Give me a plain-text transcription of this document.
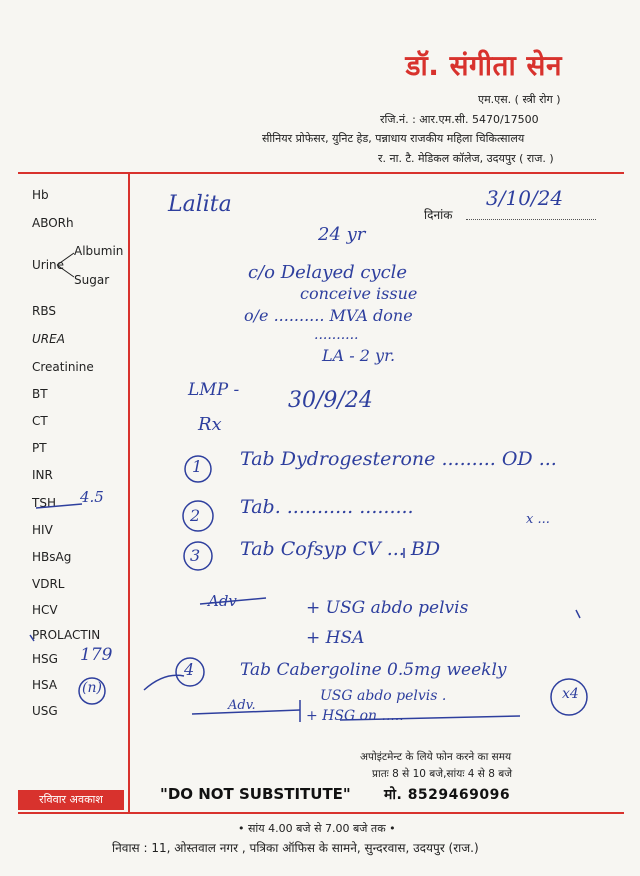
डॉ. संगीता सेन
एम.एस. ( स्त्री रोग )
रजि.नं. : आर.एम.सी. 5470/17500
सीनियर प्रोफेसर, युनिट हेड, पन्नाधाय राजकीय महिला चिकित्सालय
र. ना. टै. मेडिकल कॉलेज, उदयपुर ( राज. )
Hb
ABORh
Urine
Albumin
Sugar
RBS
UREA
Creatinine
BT
CT
PT
INR
TSH
HIV
HBsAg
VDRL
HCV
PROLACTIN
HSG
HSA
USG
4.5
179
(n)
दिनांक
Lalita	3/10/24
24 yr
c/o Delayed cycle
conceive issue
o/e .......... MVA done
..........
LA - 2 yr.
LMP - 30/9/24
Rx
1 Tab Dydrogesterone ......... OD ...
2 Tab. ........... .........
x ...
3 Tab Cofsyp CV ... BD
Adv	+ USG abdo pelvis
+ HSA
4	Tab Cabergoline 0.5mg weekly
x4
Adv.
USG abdo pelvis .
+ HSG on .....
अपोइंटमेन्ट के लिये फोन करने का समय
प्रातः 8 से 10 बजे,सांयः 4 से 8 बजे
रविवार अवकाश	"DO NOT SUBSTITUTE" मो. 8529469096
• सांय 4.00 बजे से 7.00 बजे तक •
निवास : 11, ओस्तवाल नगर , पत्रिका ऑफिस के सामने, सुन्दरवास, उदयपुर (राज.)
